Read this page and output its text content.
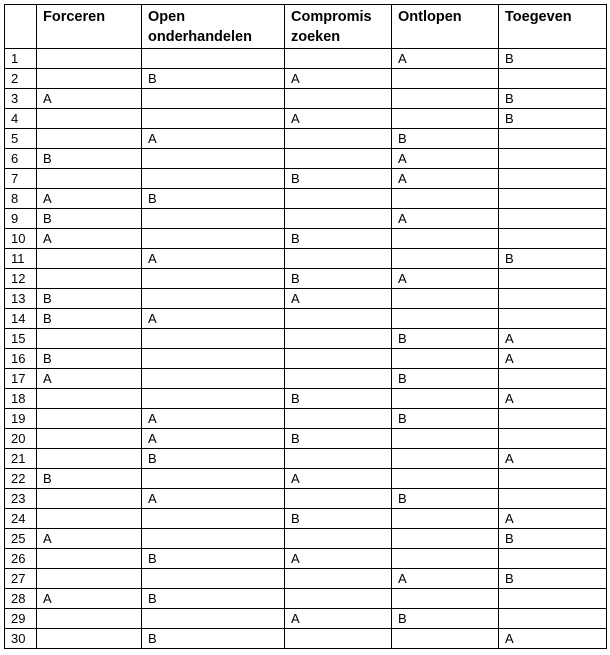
	Forceren	Open onderhandelen	Compromis zoeken	Ontlopen	Toegeven
1				A	B
2		B	A		
3	A				B
4			A		B
5		A		B	
6	B			A	
7			B	A	
8	A	B			
9	B			A	
10	A		B		
11		A			B
12			B	A	
13	B		A		
14	B	A			
15				B	A
16	B				A
17	A			B	
18			B		A
19		A		B	
20		A	B		
21		B			A
22	B		A		
23		A		B	
24			B		A
25	A				B
26		B	A		
27				A	B
28	A	B			
29			A	B	
30		B			A
